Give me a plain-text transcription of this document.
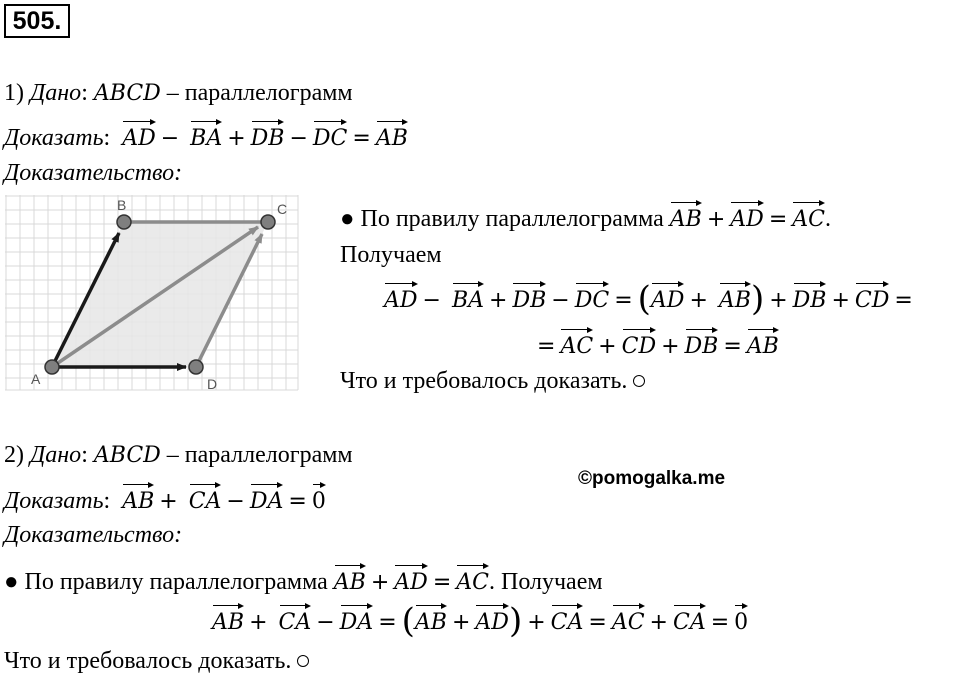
505.
1) Дано: ABCD – параллелограмм
Доказать:  AD − BA + DB − DC = AB
Доказательство:
A
B	C
D
● По правилу параллелограмма AB + AD = AC.
Получаем
AD − BA + DB − DC = (AD + AB) + DB + CD =
= AC + CD + DB = AB
Что и требовалось доказать.
2) Дано: ABCD – параллелограмм
©pomogalka.me
Доказать:  AB + CA − DA = 0
Доказательство:
● По правилу параллелограмма AB + AD = AC. Получаем
AB + CA − DA = (AB + AD) + CA = AC + CA = 0
Что и требовалось доказать.
